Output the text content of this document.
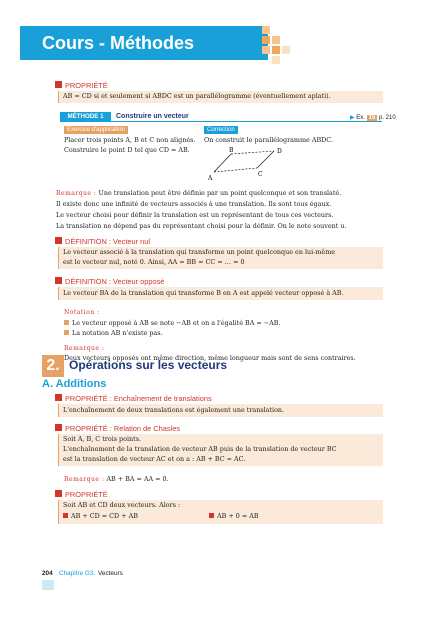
Cours - Méthodes
PROPRIÉTÉ
AB = CD si et seulement si ABDC est un parallélogramme (éventuellement aplati).
MÉTHODE 1	Construire un vecteur	▶ Ex. 15 p. 210
Exercice d'application
Placer trois points A, B et C non alignés.
Construire le point D tel que CD = AB.
Correction
On construit le parallélogramme ABDC.
B	D
A
C
Remarque : Une translation peut être définie par un point quelconque et son translaté.
Il existe donc une infinité de vecteurs associés à une translation. Ils sont tous égaux.
Le vecteur choisi pour définir la translation est un représentant de tous ces vecteurs.
La translation ne dépend pas du représentant choisi pour la définir. On le note souvent u.
DÉFINITION : Vecteur nul
Le vecteur associé à la translation qui transforme un point quelconque en lui-même
est le vecteur nul, noté 0. Ainsi, AA = BB = CC = … = 0
DÉFINITION : Vecteur opposé
Le vecteur BA de la translation qui transforme B en A est appelé vecteur opposé à AB.
Notation :
Le vecteur opposé à AB se note −AB et on a l'égalité BA = −AB.
La notation AB n'existe pas.
Remarque :
Deux vecteurs opposés ont même direction, même longueur mais sont de sens contraires.
2. Opérations sur les vecteurs
A. Additions
PROPRIÉTÉ : Enchaînement de translations
L'enchaînement de deux translations est également une translation.
PROPRIÉTÉ : Relation de Chasles
Soit A, B, C trois points.
L'enchaînement de la translation de vecteur AB puis de la translation de vecteur BC
est la translation de vecteur AC et on a : AB + BC = AC.
Remarque : AB + BA = AA = 0.
PROPRIÉTÉ
Soit AB et CD deux vecteurs. Alors :
AB + CD = CD + AB	AB + 0 = AB
204 Chapitre G3. Vecteurs
